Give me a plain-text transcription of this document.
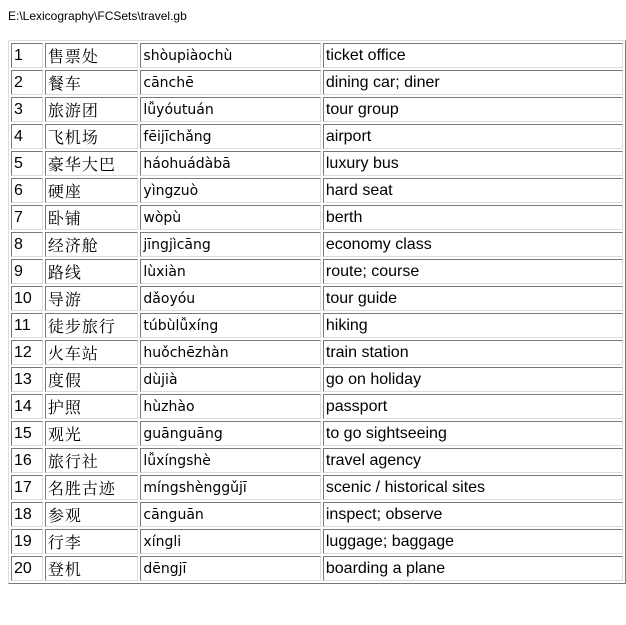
E:\Lexicography\FCSets\travel.gb
1	售票处	shòupiàochù	ticket office
2	餐车	cānchē	dining car; diner
3	旅游团	lǚyóutuán	tour group
4	飞机场	fēijīchǎng	airport
5	豪华大巴	háohuádàbā	luxury bus
6	硬座	yìngzuò	hard seat
7	卧铺	wòpù	berth
8	经济舱	jīngjìcāng	economy class
9	路线	lùxiàn	route; course
10	导游	dǎoyóu	tour guide
11	徒步旅行	túbùlǚxíng	hiking
12	火车站	huǒchēzhàn	train station
13	度假	dùjià	go on holiday
14	护照	hùzhào	passport
15	观光	guānguāng	to go sightseeing
16	旅行社	lǚxíngshè	travel agency
17	名胜古迹	míngshènggǔjī	scenic / historical sites
18	参观	cānguān	inspect; observe
19	行李	xíngli	luggage; baggage
20	登机	dēngjī	boarding a plane
